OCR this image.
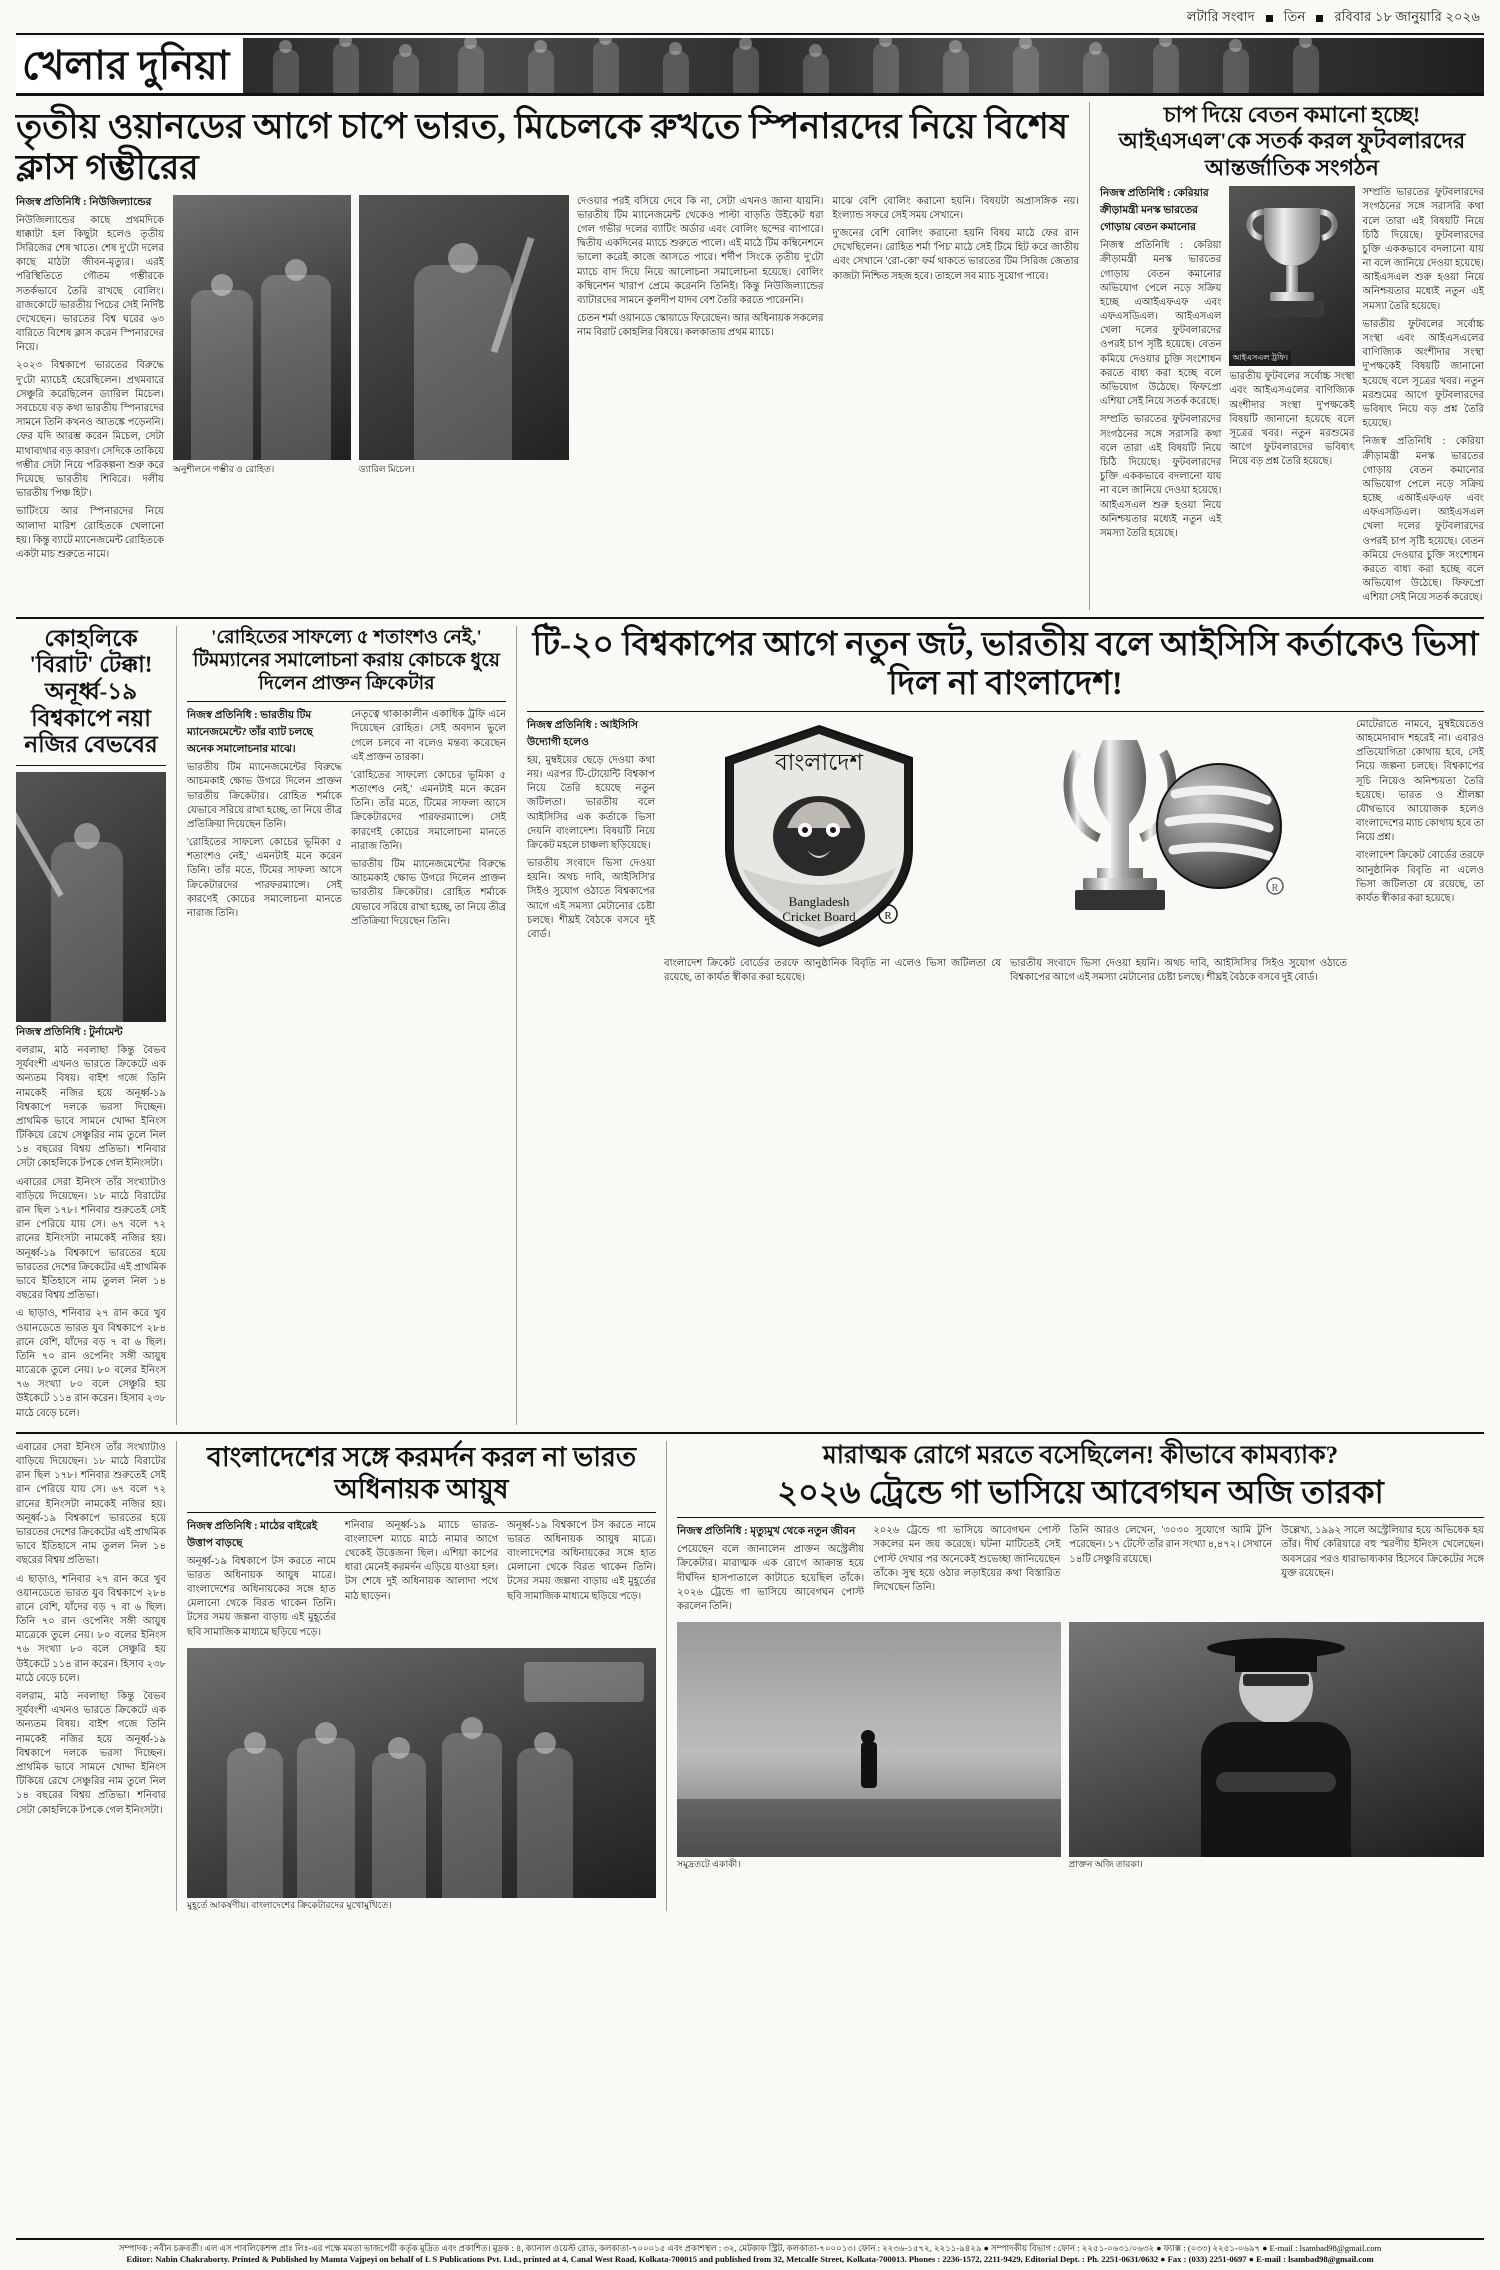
লটারি সংবাদ তিন রবিবার ১৮ জানুয়ারি ২০২৬
খেলার দুনিয়া
তৃতীয় ওয়ানডের আগে চাপে ভারত, মিচেলকে রুখতে স্পিনারদের নিয়ে বিশেষ ক্লাস গম্ভীরের
নিজস্ব প্রতিনিধি : নিউজিল্যান্ডের

নিউজিল্যান্ডের কাছে প্রথমদিকে ধাক্কাটা হল কিছুটা হলেও তৃতীয় সিরিজের শেষ খাতে। শেষ দু'টো দলের কাছে মাঠটা জীবন-মৃত্যুর। এরই পরিস্থিতিতে গৌতম গম্ভীরকে সতর্কভাবে তৈরি রাখছে বোলিং। রাজকোটে ভারতীয় পিচের সেই নির্দিষ্ট দেখেছেন। ভারতের বিশ্ব ঘরের ৬৩ বারিতে বিশেষ ক্লাস করেন স্পিনারদের নিয়ে।

২০২৩ বিশ্বকাপে ভারতের বিরুদ্ধে দু'টো ম্যাচেই হেরেছিলেন। প্রথমবারে সেঞ্চুরি করেছিলেন ড্যারিল মিচেল। সবচেয়ে বড় কথা ভারতীয় স্পিনারদের সামনে তিনি কখনও আতঙ্কে পড়েননি। ফের যদি আরম্ভ করেন মিচেল, সেটা মাথাব্যথার বড় কারণ। সেদিকে তাকিয়ে গম্ভীর সেটা নিয়ে পরিকল্পনা শুরু করে দিয়েছে ভারতীয় শিবিরে। দলীয় ভারতীয় 'পিঞ্চ হিট'।

ভাটিংয়ে আর স্পিনারদের নিয়ে আলাদা মারিশ রোহিতকে খেলানো হয়। কিন্তু ব্যাটে ম্যানেজমেন্ট রোহিতকে একটা মাচ শুরুতে নামে।

দেওয়ার পরই বসিয়ে দেবে কি না, সেটা এখনও জানা যায়নি। ভারতীয় টিম ম্যানেজমেন্ট থেকেও পাল্টা বাড়তি উইকেট ধরা গেল গভীর দলের ব্যাটিং অর্ডার এবং বোলিং ছন্দের ব্যাপারে। দ্বিতীয় একদিনের ম্যাচে শুরুতে পালে। এই মাঠে টিম কম্বিনেশনে ভালো করেই কাজে আসতে পারে। শর্দীপ সিংকে তৃতীয় দু'টো ম্যাচে বাদ দিয়ে নিয়ে আলোচনা সমালোচনা হয়েছে। বোলিং কম্বিনেশন খারাপ প্রেমে করেননি তিনিই। কিন্তু নিউজিল্যান্ডের ব্যাটারদের সামনে কুলদীপ যাদব বেশ তৈরি করতে পারেননি।

চেতন শর্মা ওয়ানডে স্কোয়াডে ফিরেছেন। আর অধিনায়ক সকলের নাম বিরাট কোহলির বিষয়ে। কলকাতায় প্রথম ম্যাচে।

মাঝে বেশি বোলিং করানো হয়নি। বিষয়টা অপ্রাসঙ্গিক নয়। ইংল্যান্ড সফরে সেই সময় সেখানে।

দু'জনের বেশি বোলিং করানো হয়নি বিষয় মাঠে ফের রান দেখেছিলেন। রোহিত শর্মা 'পিচ' মাঠে সেই টিমে হিট করে জাতীয় এবং সেখানে 'রো-কো' ফর্ম থাকতে ভারতের টিম সিরিজ জেতার কাজটা নিশ্চিত সহজ হবে। তাহলে সব ম্যাচ সুযোগ পাবে।

অনুশীলনে গম্ভীর ও রোহিত।	ড্যারিল মিচেল।
চাপ দিয়ে বেতন কমানো হচ্ছে! আইএসএল'কে সতর্ক করল ফুটবলারদের আন্তর্জাতিক সংগঠন
নিজস্ব প্রতিনিধি : কেরিয়ার ক্রীড়ামন্ত্রী মনস্ক ভারতের গোড়ায় বেতন কমানোর

নিজস্ব প্রতিনিধি : কেরিয়া ক্রীড়ামন্ত্রী মনস্ক ভারতের গোড়ায় বেতন কমানোর অভিযোগ পেলে নড়ে সক্রিয় হচ্ছে এআইএফএফ এবং এফএসডিএল। আইএসএল খেলা দলের ফুটবলারদের ওপরই চাপ সৃষ্টি হয়েছে। বেতন কমিয়ে দেওয়ার চুক্তি সংশোধন করতে বাধ্য করা হচ্ছে বলে অভিযোগ উঠেছে। ফিফপ্রো এশিয়া সেই নিয়ে সতর্ক করেছে।

সম্প্রতি ভারতের ফুটবলারদের সংগঠনের সঙ্গে সরাসরি কথা বলে তারা এই বিষয়টি নিয়ে চিঠি দিয়েছে। ফুটবলারদের চুক্তি এককভাবে বদলানো যায় না বলে জানিয়ে দেওয়া হয়েছে। আইএসএল শুরু হওয়া নিয়ে অনিশ্চয়তার মধ্যেই নতুন এই সমস্যা তৈরি হয়েছে।

আইএসএল ট্রফি।

ভারতীয় ফুটবলের সর্বোচ্চ সংস্থা এবং আইএসএলের বাণিজ্যিক অংশীদার সংস্থা দু'পক্ষকেই বিষয়টি জানানো হয়েছে বলে সূত্রের খবর। নতুন মরশুমের আগে ফুটবলারদের ভবিষ্যৎ নিয়ে বড় প্রশ্ন তৈরি হয়েছে।

সম্প্রতি ভারতের ফুটবলারদের সংগঠনের সঙ্গে সরাসরি কথা বলে তারা এই বিষয়টি নিয়ে চিঠি দিয়েছে। ফুটবলারদের চুক্তি এককভাবে বদলানো যায় না বলে জানিয়ে দেওয়া হয়েছে। আইএসএল শুরু হওয়া নিয়ে অনিশ্চয়তার মধ্যেই নতুন এই সমস্যা তৈরি হয়েছে।

ভারতীয় ফুটবলের সর্বোচ্চ সংস্থা এবং আইএসএলের বাণিজ্যিক অংশীদার সংস্থা দু'পক্ষকেই বিষয়টি জানানো হয়েছে বলে সূত্রের খবর। নতুন মরশুমের আগে ফুটবলারদের ভবিষ্যৎ নিয়ে বড় প্রশ্ন তৈরি হয়েছে।

নিজস্ব প্রতিনিধি : কেরিয়া ক্রীড়ামন্ত্রী মনস্ক ভারতের গোড়ায় বেতন কমানোর অভিযোগ পেলে নড়ে সক্রিয় হচ্ছে এআইএফএফ এবং এফএসডিএল। আইএসএল খেলা দলের ফুটবলারদের ওপরই চাপ সৃষ্টি হয়েছে। বেতন কমিয়ে দেওয়ার চুক্তি সংশোধন করতে বাধ্য করা হচ্ছে বলে অভিযোগ উঠেছে। ফিফপ্রো এশিয়া সেই নিয়ে সতর্ক করেছে।

কোহলিকে 'বিরাট' টেক্কা! অনূর্ধ্ব-১৯ বিশ্বকাপে নয়া নজির বেভবের
নিজস্ব প্রতিনিধি : টুর্নামেন্ট

বলরাম, মাঠ নবলাছা কিন্তু বৈভব সূর্যবংশী এখনও ভারতে ক্রিকেটে এক অন্যতম বিষয়। বাইশ গজে তিনি নামকেই নজির হয়ে অনূর্ধ্ব-১৯ বিশ্বকাপে দলকে ভরসা দিচ্ছেন। প্রাথমিক ভাবে সামনে খোদ্দা ইনিংস টিকিয়ে রেখে সেঞ্চুরির নাম তুলে নিল ১৪ বছরের বিশ্বয় প্রতিভা। শনিবার সেটা কোহলিকে টপকে গেল ইনিংসটা।

এবারের সেরা ইনিংস তাঁর সংখ্যাটাও বাড়িয়ে দিয়েছেন। ১৮ মাঠে বিরাটের রান ছিল ১৭৮। শনিবার শুরুতেই সেই রান পেরিয়ে যায় সে। ৬৭ বলে ৭২ রানের ইনিংসটা নামকেই নজির হয়। অনূর্ধ্ব-১৯ বিশ্বকাপে ভারতের হয়ে ভারতের দেশের ক্রিকেটের এই প্রাথমিক ভাবে ইতিহাসে নাম তুলল নিল ১৪ বছরের বিশ্বয় প্রতিভা।

এ ছাড়াও, শনিবার ২৭ রান করে খুব ওয়ানডেতে ভারত যুব বিশ্বকাপে ২৮৪ রানে বেশি, যাঁদের বড় ৭ বা ৬ ছিল। তিনি ৭০ রান ওপেনিং সঙ্গী আয়ুষ মাত্রেকে তুলে নেয়। ৮০ বলের ইনিংস ৭৬ সংখ্যা ৮০ বলে সেঞ্চুরি হয় উইকেটে ১১৪ রান করেন। হিসাব ২৩৮ মাঠে বেড়ে চলে।

'রোহিতের সাফল্যে ৫ শতাংশও নেই,' টিমম্যানের সমালোচনা করায় কোচকে ধুয়ে দিলেন প্রাক্তন ক্রিকেটার
নিজস্ব প্রতিনিধি : ভারতীয় টিম ম্যানেজমেন্টে? তাঁর ব্যাট চলছে অনেক সমালোচনার মাঝে।

ভারতীয় টিম ম্যানেজমেন্টের বিরুদ্ধে আচমকাই ক্ষোভ উগরে দিলেন প্রাক্তন ভারতীয় ক্রিকেটার। রোহিত শর্মাকে যেভাবে সরিয়ে রাখা হচ্ছে, তা নিয়ে তীব্র প্রতিক্রিয়া দিয়েছেন তিনি।

'রোহিতের সাফল্যে কোচের ভূমিকা ৫ শতাংশও নেই,' এমনটাই মনে করেন তিনি। তাঁর মতে, টিমের সাফল্য আসে ক্রিকেটারদের পারফরম্যান্সে। সেই কারণেই কোচের সমালোচনা মানতে নারাজ তিনি।

নেতৃত্বে থাকাকালীন একাধিক ট্রফি এনে দিয়েছেন রোহিত। সেই অবদান ভুলে গেলে চলবে না বলেও মন্তব্য করেছেন এই প্রাক্তন তারকা।

'রোহিতের সাফল্যে কোচের ভূমিকা ৫ শতাংশও নেই,' এমনটাই মনে করেন তিনি। তাঁর মতে, টিমের সাফল্য আসে ক্রিকেটারদের পারফরম্যান্সে। সেই কারণেই কোচের সমালোচনা মানতে নারাজ তিনি।

ভারতীয় টিম ম্যানেজমেন্টের বিরুদ্ধে আচমকাই ক্ষোভ উগরে দিলেন প্রাক্তন ভারতীয় ক্রিকেটার। রোহিত শর্মাকে যেভাবে সরিয়ে রাখা হচ্ছে, তা নিয়ে তীব্র প্রতিক্রিয়া দিয়েছেন তিনি।

টি-২০ বিশ্বকাপের আগে নতুন জট, ভারতীয় বলে আইসিসি কর্তাকেও ভিসা দিল না বাংলাদেশ!
নিজস্ব প্রতিনিধি : আইসিসি উদ্যোগী হলেও

হয়, মুম্বইয়ের ছেড়ে দেওয়া কথা নয়। এরপর টি-টোয়েন্টি বিশ্বকাপ নিয়ে তৈরি হয়েছে নতুন জটিলতা। ভারতীয় বলে আইসিসির এক কর্তাকে ভিসা দেয়নি বাংলাদেশ। বিষয়টি নিয়ে ক্রিকেট মহলে চাঞ্চল্য ছড়িয়েছে।

ভারতীয় সংবাদে ভিসা দেওয়া হয়নি। অথচ দাবি, আইসিসি'র সিইও সুযোগ ওঠাতে বিশ্বকাপের আগে এই সমস্যা মেটানোর চেষ্টা চলছে। শীঘ্রই বৈঠকে বসবে দুই বোর্ড।

বাংলাদেশ
Bangladesh
Cricket Board	R
R

বাংলাদেশ ক্রিকেট বোর্ডের তরফে আনুষ্ঠানিক বিবৃতি না এলেও ভিসা জটিলতা যে রয়েছে, তা কার্যত স্বীকার করা হয়েছে।

ভারতীয় সংবাদে ভিসা দেওয়া হয়নি। অথচ দাবি, আইসিসি'র সিইও সুযোগ ওঠাতে বিশ্বকাপের আগে এই সমস্যা মেটানোর চেষ্টা চলছে। শীঘ্রই বৈঠকে বসবে দুই বোর্ড।

মোটেরাতে নামবে, মুম্বইয়েতেও আহমেদাবাদ শহরেই না। এবারও প্রতিযোগিতা কোথায় হবে, সেই নিয়ে জল্পনা চলছে। বিশ্বকাপের সূচি নিয়েও অনিশ্চয়তা তৈরি হয়েছে। ভারত ও শ্রীলঙ্কা যৌথভাবে আয়োজক হলেও বাংলাদেশের ম্যাচ কোথায় হবে তা নিয়ে প্রশ্ন।

বাংলাদেশ ক্রিকেট বোর্ডের তরফে আনুষ্ঠানিক বিবৃতি না এলেও ভিসা জটিলতা যে রয়েছে, তা কার্যত স্বীকার করা হয়েছে।

এবারের সেরা ইনিংস তাঁর সংখ্যাটাও বাড়িয়ে দিয়েছেন। ১৮ মাঠে বিরাটের রান ছিল ১৭৮। শনিবার শুরুতেই সেই রান পেরিয়ে যায় সে। ৬৭ বলে ৭২ রানের ইনিংসটা নামকেই নজির হয়। অনূর্ধ্ব-১৯ বিশ্বকাপে ভারতের হয়ে ভারতের দেশের ক্রিকেটের এই প্রাথমিক ভাবে ইতিহাসে নাম তুলল নিল ১৪ বছরের বিশ্বয় প্রতিভা।

এ ছাড়াও, শনিবার ২৭ রান করে খুব ওয়ানডেতে ভারত যুব বিশ্বকাপে ২৮৪ রানে বেশি, যাঁদের বড় ৭ বা ৬ ছিল। তিনি ৭০ রান ওপেনিং সঙ্গী আয়ুষ মাত্রেকে তুলে নেয়। ৮০ বলের ইনিংস ৭৬ সংখ্যা ৮০ বলে সেঞ্চুরি হয় উইকেটে ১১৪ রান করেন। হিসাব ২৩৮ মাঠে বেড়ে চলে।

বলরাম, মাঠ নবলাছা কিন্তু বৈভব সূর্যবংশী এখনও ভারতে ক্রিকেটে এক অন্যতম বিষয়। বাইশ গজে তিনি নামকেই নজির হয়ে অনূর্ধ্ব-১৯ বিশ্বকাপে দলকে ভরসা দিচ্ছেন। প্রাথমিক ভাবে সামনে খোদ্দা ইনিংস টিকিয়ে রেখে সেঞ্চুরির নাম তুলে নিল ১৪ বছরের বিশ্বয় প্রতিভা। শনিবার সেটা কোহলিকে টপকে গেল ইনিংসটা।

বাংলাদেশের সঙ্গে করমর্দন করল না ভারত অধিনায়ক আয়ুষ
নিজস্ব প্রতিনিধি : মাঠের বাইরেই উত্তাপ বাড়ছে

অনূর্ধ্ব-১৯ বিশ্বকাপে টস করতে নামে ভারত অধিনায়ক আয়ুষ মাত্রে। বাংলাদেশের অধিনায়কের সঙ্গে হাত মেলানো থেকে বিরত থাকেন তিনি। টসের সময় জল্পনা বাড়ায় এই মুহূর্তের ছবি সামাজিক মাধ্যমে ছড়িয়ে পড়ে।

শনিবার অনূর্ধ্ব-১৯ ম্যাচে ভারত-বাংলাদেশ ম্যাচে মাঠে নামার আগে থেকেই উত্তেজনা ছিল। এশিয়া কাপের ধারা মেনেই করমর্দন এড়িয়ে যাওয়া হল। টস শেষে দুই অধিনায়ক আলাদা পথে মাঠ ছাড়েন।

অনূর্ধ্ব-১৯ বিশ্বকাপে টস করতে নামে ভারত অধিনায়ক আয়ুষ মাত্রে। বাংলাদেশের অধিনায়কের সঙ্গে হাত মেলানো থেকে বিরত থাকেন তিনি। টসের সময় জল্পনা বাড়ায় এই মুহূর্তের ছবি সামাজিক মাধ্যমে ছড়িয়ে পড়ে।

মুহূর্তে আকর্ষণীয়। বাংলাদেশের ক্রিকেটারদের মুখোমুখিতে।
মারাত্মক রোগে মরতে বসেছিলেন! কীভাবে কামব্যাক?
২০২৬ ট্রেন্ডে গা ভাসিয়ে আবেগঘন অজি তারকা
নিজস্ব প্রতিনিধি : মৃত্যুমুখ থেকে নতুন জীবন

পেয়েছেন বলে জানালেন প্রাক্তন অস্ট্রেলীয় ক্রিকেটার। মারাত্মক এক রোগে আক্রান্ত হয়ে দীর্ঘদিন হাসপাতালে কাটাতে হয়েছিল তাঁকে। ২০২৬ ট্রেন্ডে গা ভাসিয়ে আবেগঘন পোস্ট করলেন তিনি।

২০২৬ ট্রেন্ডে গা ভাসিয়ে আবেগঘন পোস্ট সকলের মন জয় করেছে। ঘটনা মাটিতেই সেই পোস্ট দেখার পর অনেকেই শুভেচ্ছা জানিয়েছেন তাঁকে। সুস্থ হয়ে ওঠার লড়াইয়ের কথা বিস্তারিত লিখেছেন তিনি।

তিনি আরও লেখেন, '৩০৩০ সুযোগে আমি টুপি পরেছেন। ১৭ টেস্টে তাঁর রান সংখ্যা ৪,৪৭২। সেখানে ১৪টি সেঞ্চুরি রয়েছে।

উল্লেখ্য, ১৯৯২ সালে অস্ট্রেলিয়ার হয়ে অভিষেক হয় তাঁর। দীর্ঘ কেরিয়ারে বহু স্মরণীয় ইনিংস খেলেছেন। অবসরের পরও ধারাভাষ্যকার হিসেবে ক্রিকেটের সঙ্গে যুক্ত রয়েছেন।

সমুদ্রতটে একাকী।	প্রাক্তন অজি তারকা।
সম্পাদক : নবীন চক্রবর্তী। এল এস পাবলিকেশন্স প্রাঃ লিঃ-এর পক্ষে মমতা ভাজপেয়ী কর্তৃক মুদ্রিত এবং প্রকাশিত। মুদ্রক : ৪, ক্যানাল ওয়েস্ট রোড, কলকাতা-৭০০০১৫ এবং প্রকাশস্থল : ৩২, মেটকাফ স্ট্রিট, কলকাতা-৭০০০১৩। ফোন : ২২৩৬-১৫৭২, ২২১১-৯৪২৯ ● সম্পাদকীয় বিভাগ : ফোন : ২২৫১-০৬৩১/০৬৩২ ● ফ্যাক্স : (০৩৩) ২২৫১-০৬৯৭ ● E-mail : lsambad98@gmail.com
Editor: Nabin Chakraborty. Printed & Published by Mamta Vajpeyi on behalf of L S Publications Pvt. Ltd., printed at 4, Canal West Road, Kolkata-700015 and published from 32, Metcalfe Street, Kolkata-700013. Phones : 2236-1572, 2211-9429, Editorial Dept. : Ph. 2251-0631/0632 ● Fax : (033) 2251-0697 ● E-mail : lsambad98@gmail.com
